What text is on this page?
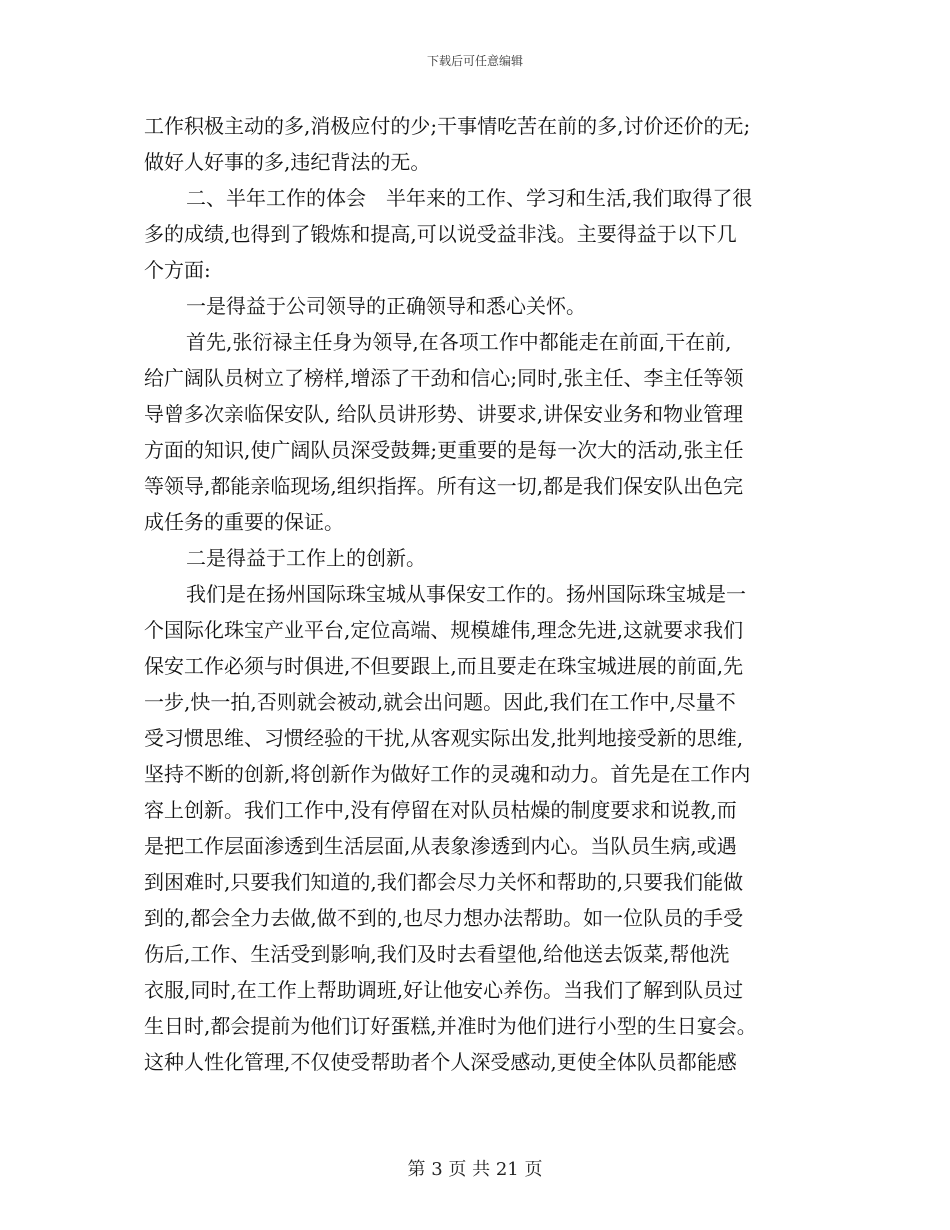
下载后可任意编辑
工作积极主动的多,消极应付的少;干事情吃苦在前的多,讨价还价的无;
做好人好事的多,违纪背法的无。
二、半年工作的体会　半年来的工作、学习和生活,我们取得了很
多的成绩,也得到了锻炼和提高,可以说受益非浅。主要得益于以下几
个方面:
一是得益于公司领导的正确领导和悉心关怀。
首先,张衍禄主任身为领导,在各项工作中都能走在前面,干在前,
给广阔队员树立了榜样,增添了干劲和信心;同时,张主任、李主任等领
导曾多次亲临保安队, 给队员讲形势、讲要求,讲保安业务和物业管理
方面的知识,使广阔队员深受鼓舞;更重要的是每一次大的活动,张主任
等领导,都能亲临现场,组织指挥。所有这一切,都是我们保安队出色完
成任务的重要的保证。
二是得益于工作上的创新。
我们是在扬州国际珠宝城从事保安工作的。扬州国际珠宝城是一
个国际化珠宝产业平台,定位高端、规模雄伟,理念先进,这就要求我们
保安工作必须与时俱进,不但要跟上,而且要走在珠宝城进展的前面,先
一步,快一拍,否则就会被动,就会出问题。因此,我们在工作中,尽量不
受习惯思维、习惯经验的干扰,从客观实际出发,批判地接受新的思维,
坚持不断的创新,将创新作为做好工作的灵魂和动力。首先是在工作内
容上创新。我们工作中,没有停留在对队员枯燥的制度要求和说教,而
是把工作层面渗透到生活层面,从表象渗透到内心。当队员生病,或遇
到困难时,只要我们知道的,我们都会尽力关怀和帮助的,只要我们能做
到的,都会全力去做,做不到的,也尽力想办法帮助。如一位队员的手受
伤后,工作、生活受到影响,我们及时去看望他,给他送去饭菜,帮他洗
衣服,同时,在工作上帮助调班,好让他安心养伤。当我们了解到队员过
生日时,都会提前为他们订好蛋糕,并准时为他们进行小型的生日宴会。
这种人性化管理,不仅使受帮助者个人深受感动,更使全体队员都能感
第 3 页 共 21 页
